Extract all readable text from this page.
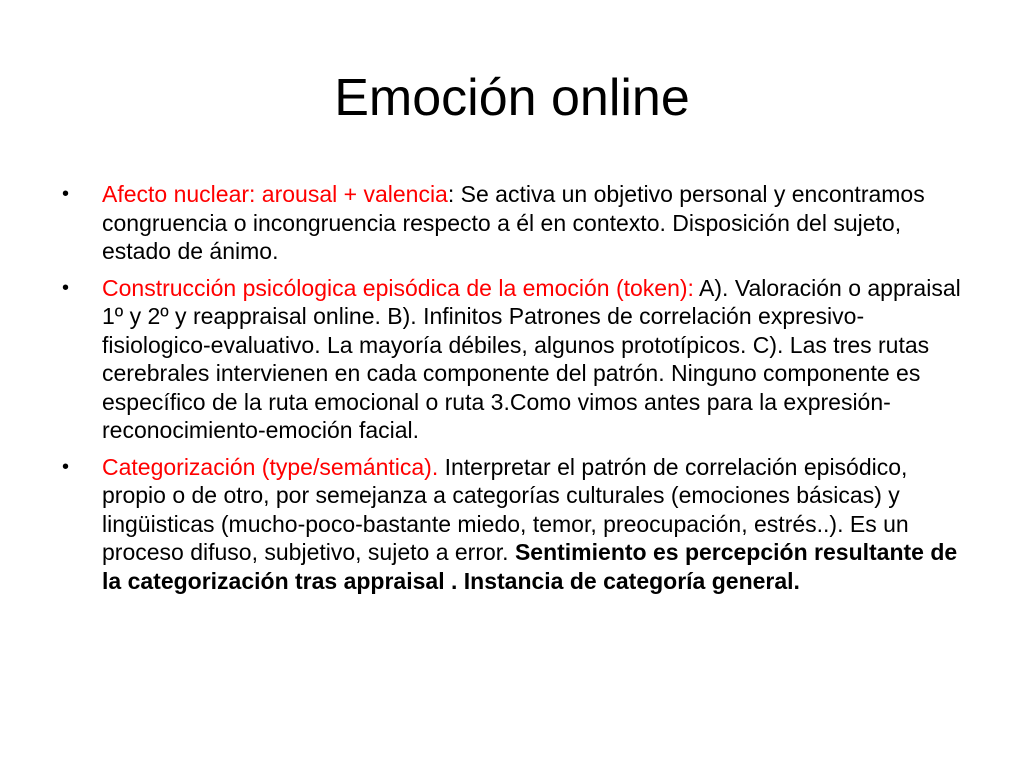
Emoción online
•	Afecto nuclear: arousal + valencia: Se activa un objetivo personal y encontramos congruencia o incongruencia respecto a él en contexto. Disposición del sujeto, estado de ánimo.
•	Construcción psicólogica episódica de la emoción (token): A). Valoración o appraisal 1º y 2º y reappraisal online. B). Infinitos Patrones de correlación expresivo-fisiologico-evaluativo. La mayoría débiles, algunos prototípicos. C). Las tres rutas cerebrales intervienen en cada componente del patrón. Ninguno componente es específico de la ruta emocional o ruta 3.Como vimos antes para la expresión-reconocimiento-emoción facial.
•	Categorización (type/semántica). Interpretar el patrón de correlación episódico, propio o de otro, por semejanza a categorías culturales (emociones básicas) y lingüisticas (mucho-poco-bastante miedo, temor, preocupación, estrés..). Es un proceso difuso, subjetivo, sujeto a error. Sentimiento es percepción resultante de la categorización tras appraisal . Instancia de categoría general.
